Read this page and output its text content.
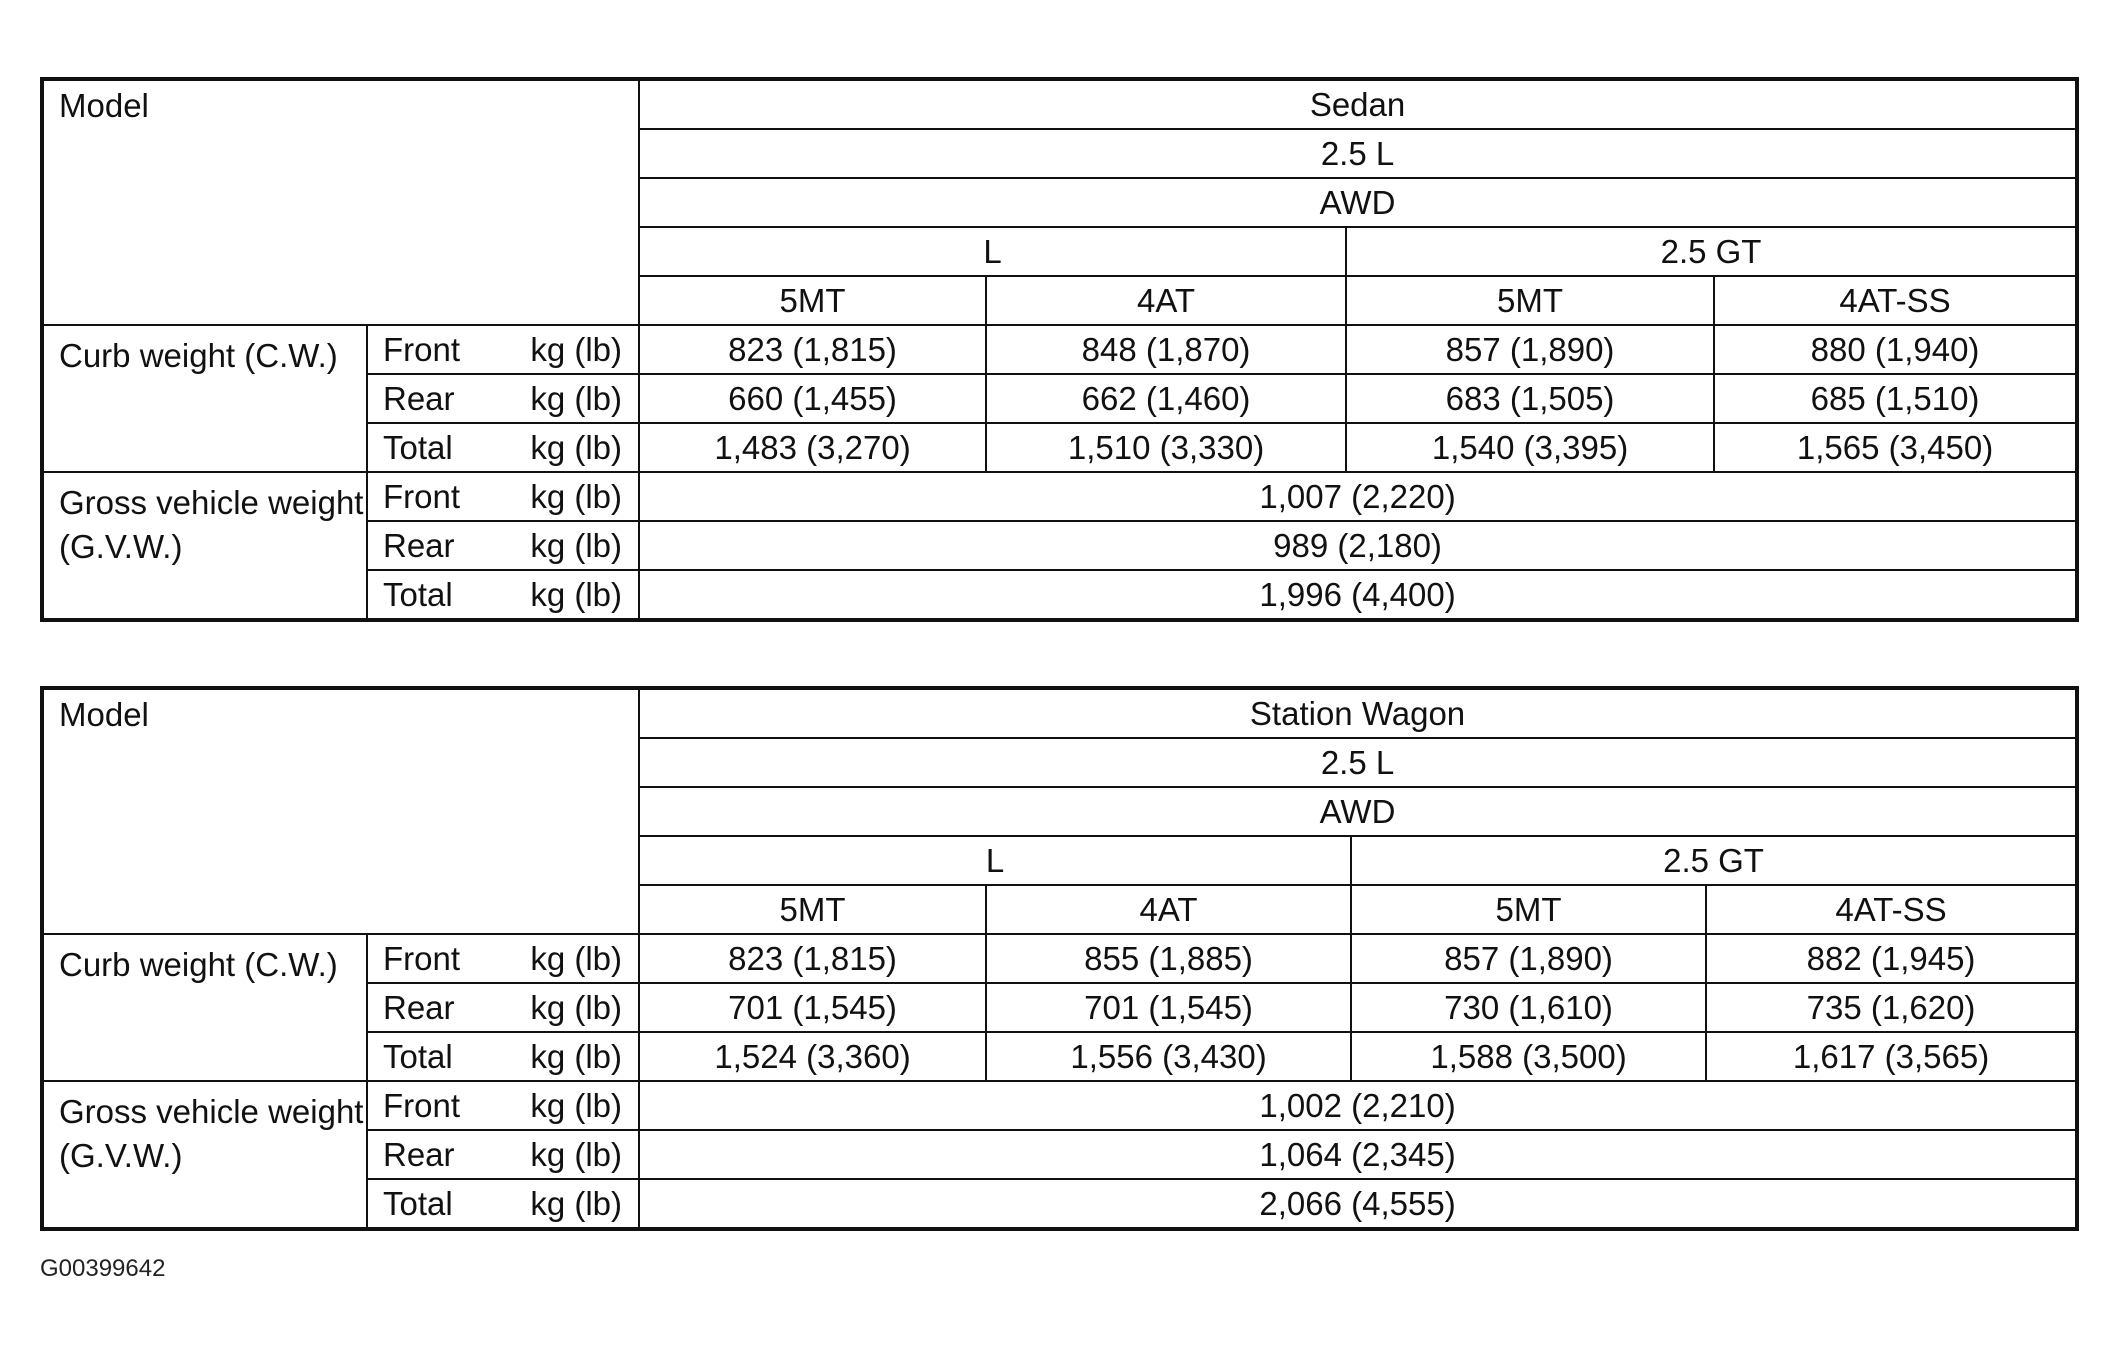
Model			Sedan			
			2.5 L			
			AWD			
			L		2.5 GT	
			5MT	4AT	5MT	4AT-SS
Curb weight (C.W.)	Front	kg (lb)	823 (1,815)	848 (1,870)	857 (1,890)	880 (1,940)
	Rear	kg (lb)	660 (1,455)	662 (1,460)	683 (1,505)	685 (1,510)
	Total	kg (lb)	1,483 (3,270)	1,510 (3,330)	1,540 (3,395)	1,565 (3,450)
Gross vehicle weight (G.V.W.)	Front	kg (lb)	1,007 (2,220)			
	Rear	kg (lb)	989 (2,180)			
	Total	kg (lb)	1,996 (4,400)			
Model			Station Wagon			
			2.5 L			
			AWD			
			L		2.5 GT	
			5MT	4AT	5MT	4AT-SS
Curb weight (C.W.)	Front	kg (lb)	823 (1,815)	855 (1,885)	857 (1,890)	882 (1,945)
	Rear	kg (lb)	701 (1,545)	701 (1,545)	730 (1,610)	735 (1,620)
	Total	kg (lb)	1,524 (3,360)	1,556 (3,430)	1,588 (3,500)	1,617 (3,565)
Gross vehicle weight (G.V.W.)	Front	kg (lb)	1,002 (2,210)			
	Rear	kg (lb)	1,064 (2,345)			
	Total	kg (lb)	2,066 (4,555)			
G00399642
